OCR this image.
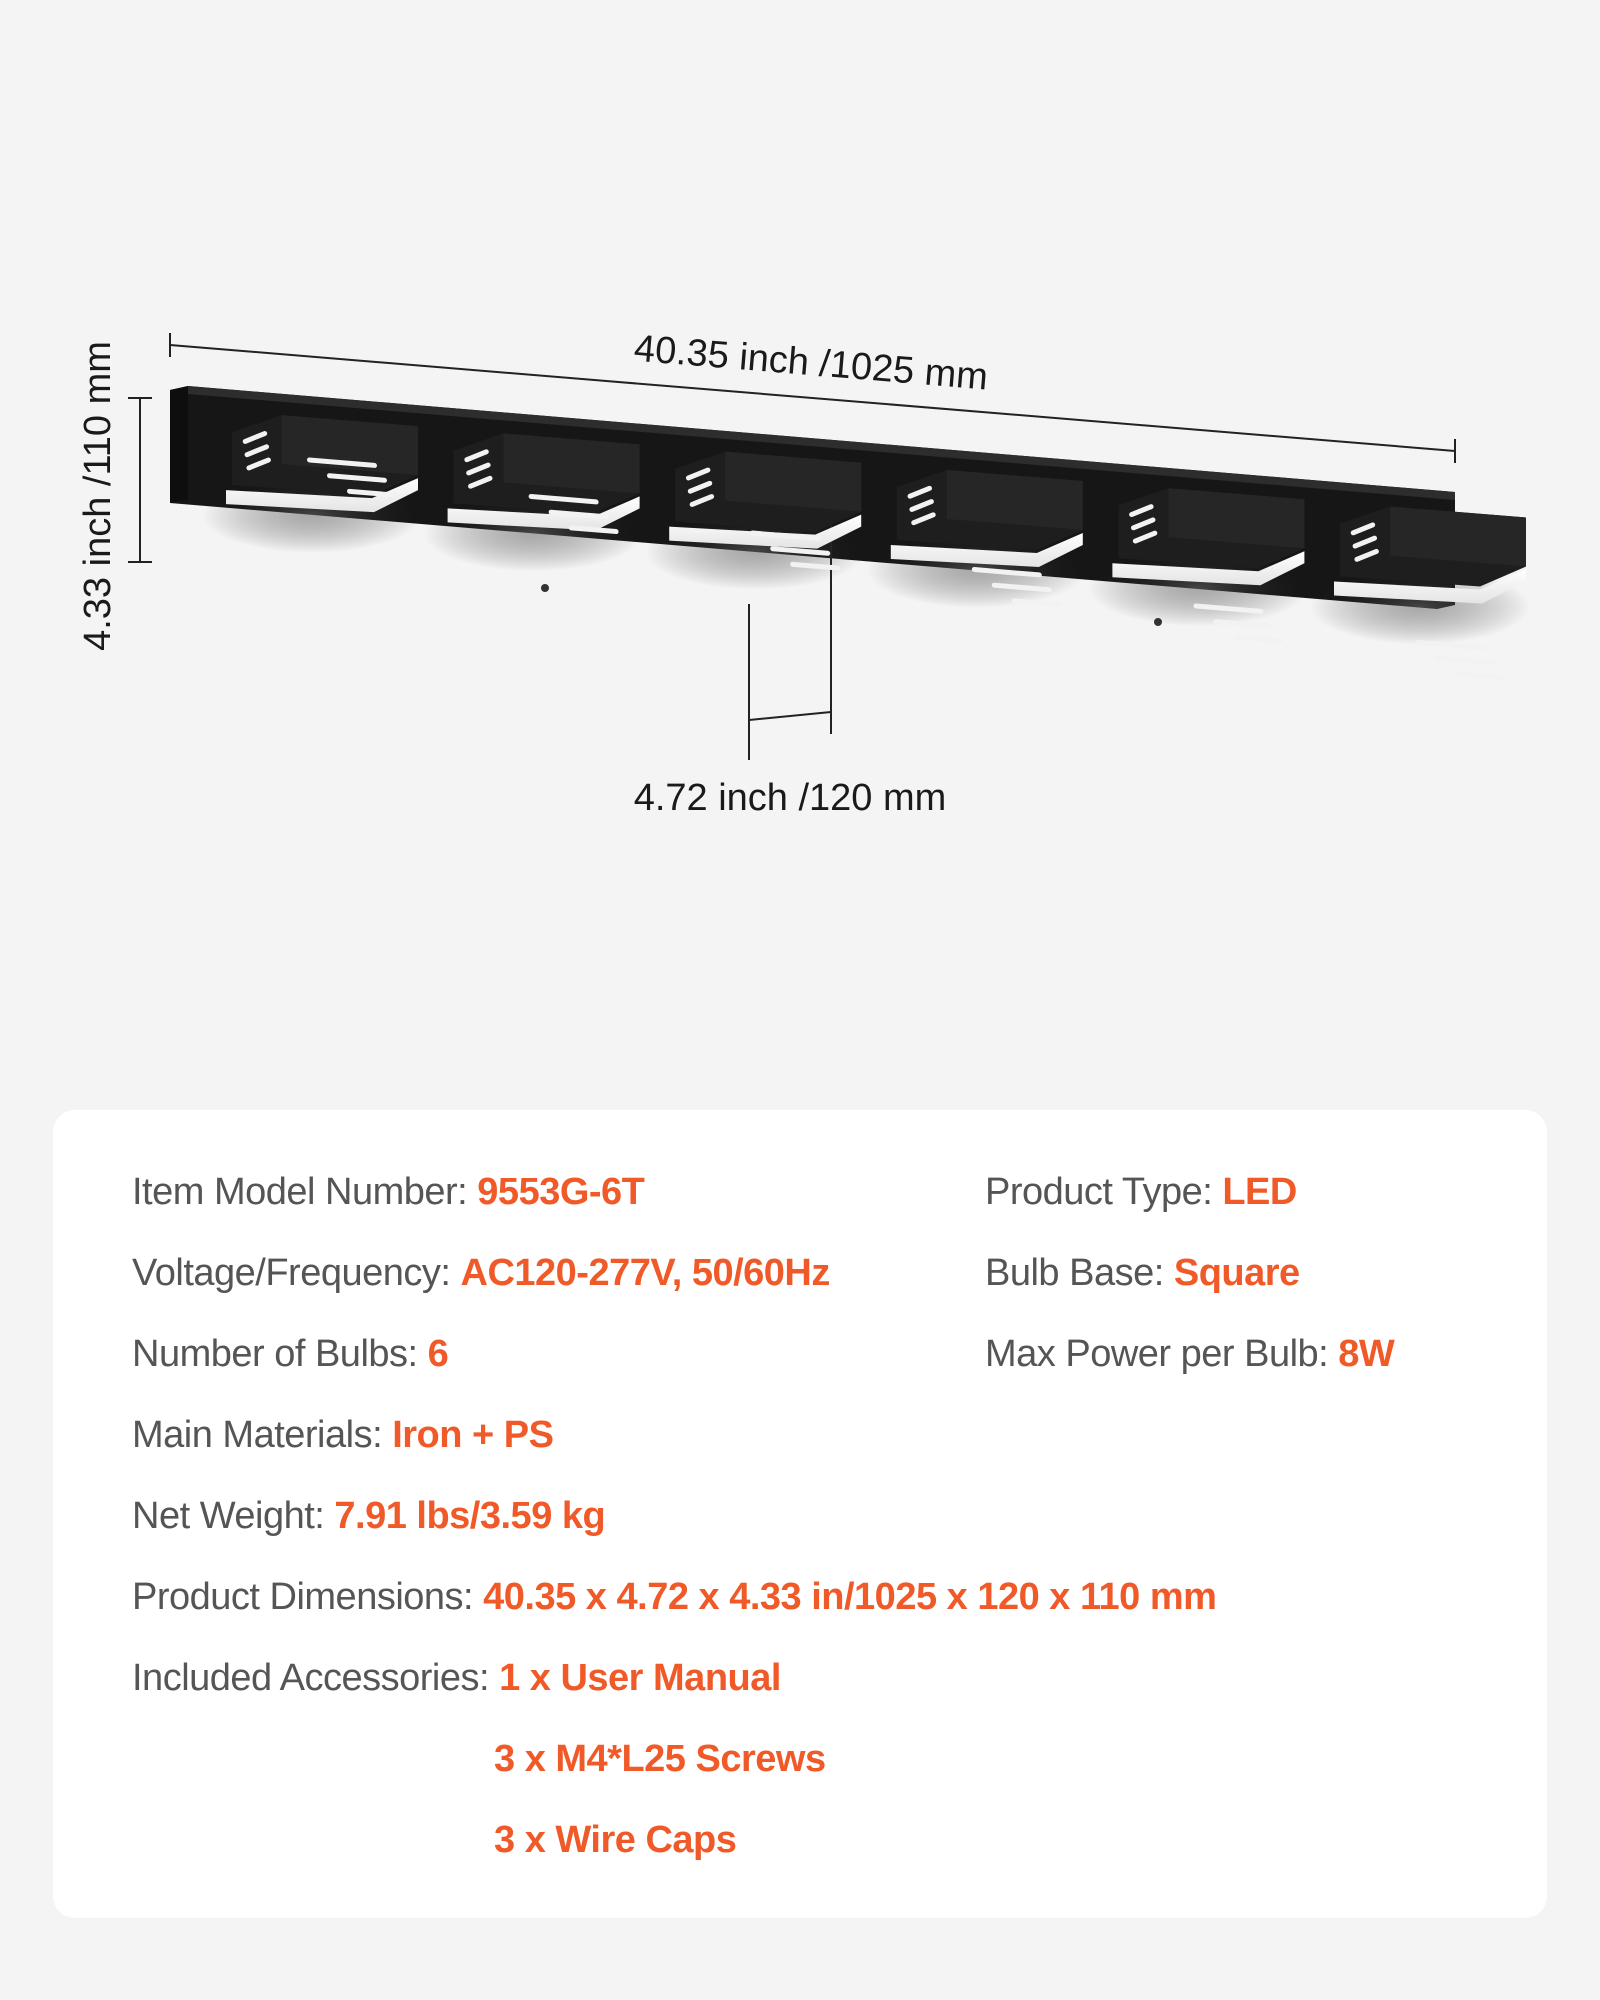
40.35 inch /1025 mm
4.33 inch /110 mm
4.72 inch /120 mm
Item Model Number: 9553G-6T	Product Type: LED
Voltage/Frequency: AC120-277V, 50/60Hz	Bulb Base: Square
Number of Bulbs: 6	Max Power per Bulb: 8W
Main Materials: Iron + PS
Net Weight: 7.91 lbs/3.59 kg
Product Dimensions: 40.35 x 4.72 x 4.33 in/1025 x 120 x 110 mm
Included Accessories: 1 x User Manual
3 x M4*L25 Screws
3 x Wire Caps
